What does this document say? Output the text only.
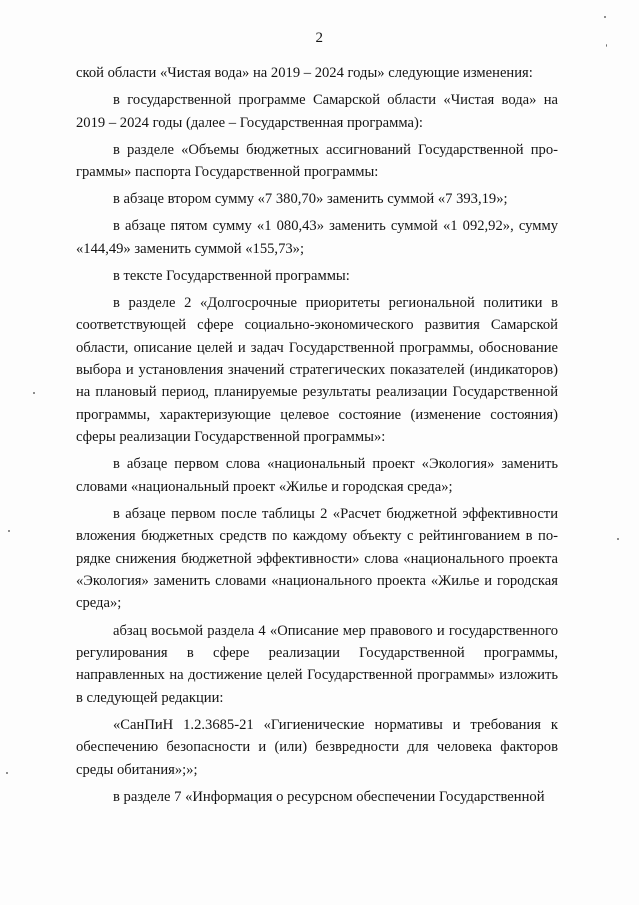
2

ской области «Чистая вода» на 2019 – 2024 годы» следующие изменения:

в государственной программе Самарской области «Чистая вода» на 2019 – 2024 годы (далее – Государственная программа):

в разделе «Объемы бюджетных ассигнований Государственной программы» паспорта Государственной программы:

в абзаце втором сумму «7 380,70» заменить суммой «7 393,19»;

в абзаце пятом сумму «1 080,43» заменить суммой «1 092,92», сумму «144,49» заменить суммой «155,73»;

в тексте Государственной программы:

в разделе 2 «Долгосрочные приоритеты региональной политики в соответствующей сфере социально-экономического развития Самарской области, описание целей и задач Государственной программы, обоснование выбора и установления значений стратегических показателей (индикаторов) на плановый период, планируемые результаты реализации Государственной программы, характеризующие целевое состояние (изменение состояния) сферы реализации Государственной программы»:

в абзаце первом слова «национальный проект «Экология» заменить словами «национальный проект «Жилье и городская среда»;

в абзаце первом после таблицы 2 «Расчет бюджетной эффективности вложения бюджетных средств по каждому объекту с рейтингованием в порядке снижения бюджетной эффективности» слова «национального проекта «Экология» заменить словами «национального проекта «Жилье и городская среда»;

абзац восьмой раздела 4 «Описание мер правового и государственного регулирования в сфере реализации Государственной программы, направленных на достижение целей Государственной программы» изложить в следующей редакции:

«СанПиН 1.2.3685-21 «Гигиенические нормативы и требования к обеспечению безопасности и (или) безвредности для человека факторов среды обитания»;»;

в разделе 7 «Информация о ресурсном обеспечении Государственной
